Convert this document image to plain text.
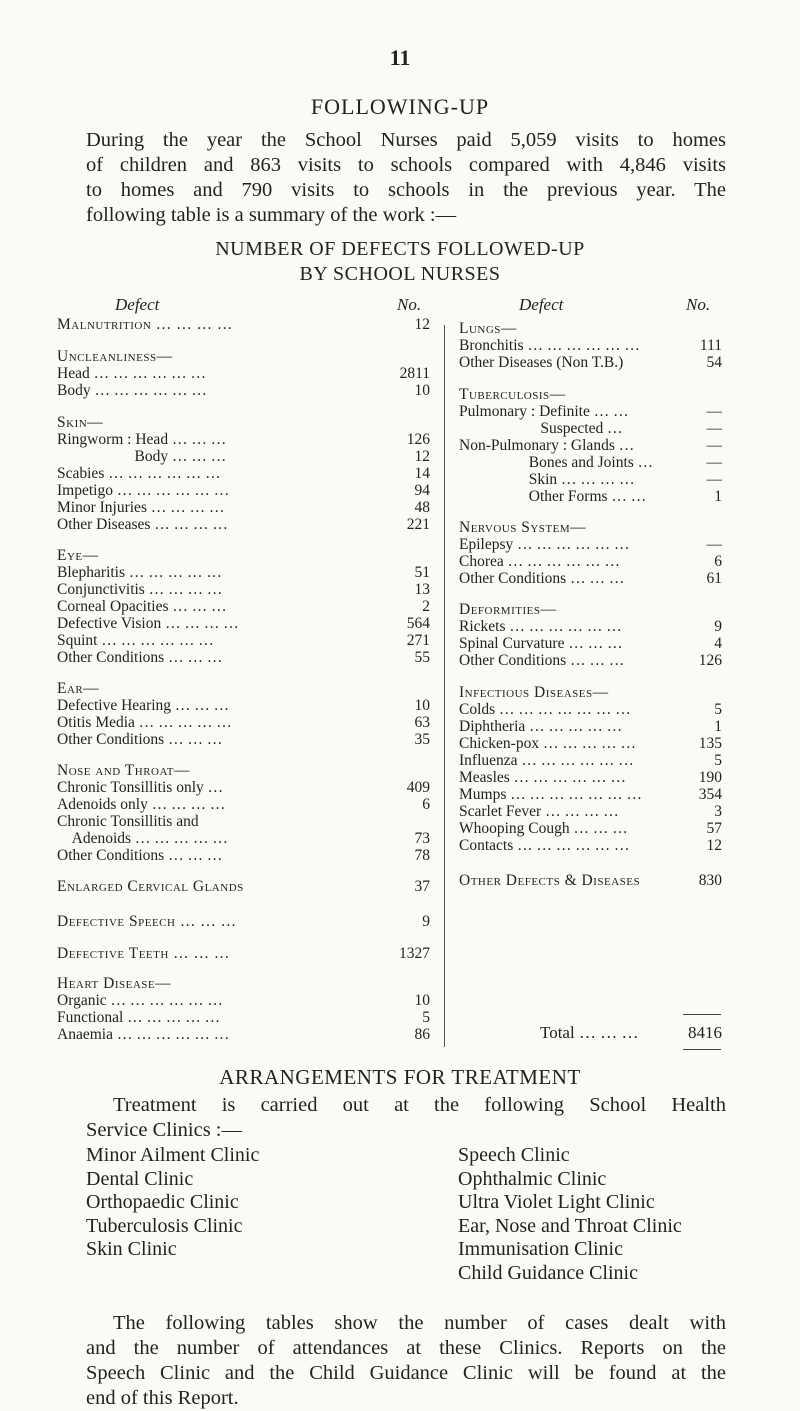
11
FOLLOWING-UP
During the year the School Nurses paid 5,059 visits to homes
of children and 863 visits to schools compared with 4,846 visits
to homes and 790 visits to schools in the previous year. The
following table is a summary of the work :—
NUMBER OF DEFECTS FOLLOWED-UP
BY SCHOOL NURSES
Defect	No.	Defect	No.
Malnutrition … … … …	12
Uncleanliness—
Head … … … … … …	2811
Body … … … … … …	10
Skin—
Ringworm : Head … … …	126
Body … … …	12
Scabies … … … … … …	14
Impetigo … … … … … …	94
Minor Injuries … … … …	48
Other Diseases … … … …	221
Eye—
Blepharitis … … … … …	51
Conjunctivitis … … … …	13
Corneal Opacities … … …	2
Defective Vision … … … …	564
Squint … … … … … …	271
Other Conditions … … …	55
Ear—
Defective Hearing … … …	10
Otitis Media … … … … …	63
Other Conditions … … …	35
Nose and Throat—
Chronic Tonsillitis only …	409
Adenoids only … … … …	6
Chronic Tonsillitis and
Adenoids … … … … …	73
Other Conditions … … …	78
Enlarged Cervical Glands	37
Defective Speech … … …	9
Defective Teeth … … …	1327
Heart Disease—
Organic … … … … … …	10
Functional … … … … …	5
Anaemia … … … … … …	86
Lungs—
Bronchitis … … … … … …	111
Other Diseases (Non T.B.)	54
Tuberculosis—
Pulmonary : Definite … …	—
Suspected …	—
Non-Pulmonary : Glands …	—
Bones and Joints …	—
Skin … … … …	—
Other Forms … …	1
Nervous System—
Epilepsy … … … … … …	—
Chorea … … … … … …	6
Other Conditions … … …	61
Deformities—
Rickets … … … … … …	9
Spinal Curvature … … …	4
Other Conditions … … …	126
Infectious Diseases—
Colds … … … … … … …	5
Diphtheria … … … … …	1
Chicken-pox … … … … …	135
Influenza … … … … … …	5
Measles … … … … … …	190
Mumps … … … … … … …	354
Scarlet Fever … … … …	3
Whooping Cough … … …	57
Contacts … … … … … …	12
Other Defects & Diseases	830
Total … … …	8416
ARRANGEMENTS FOR TREATMENT
Treatment is carried out at the following School Health
Service Clinics :—
Minor Ailment Clinic
Dental Clinic
Orthopaedic Clinic
Tuberculosis Clinic
Skin Clinic
Speech Clinic
Ophthalmic Clinic
Ultra Violet Light Clinic
Ear, Nose and Throat Clinic
Immunisation Clinic
Child Guidance Clinic
The following tables show the number of cases dealt with
and the number of attendances at these Clinics. Reports on the
Speech Clinic and the Child Guidance Clinic will be found at the
end of this Report.
